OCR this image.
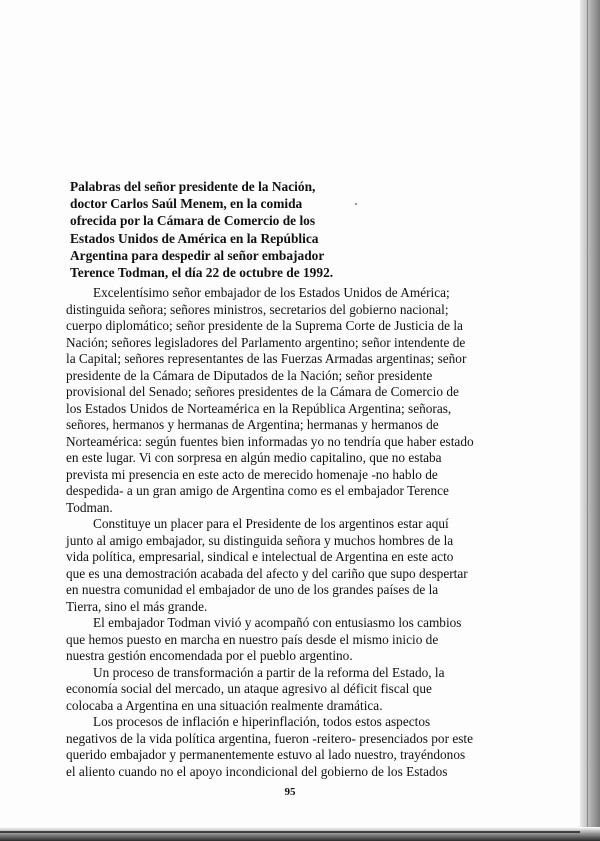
Palabras del señor presidente de la Nación,
doctor Carlos Saúl Menem, en la comida
ofrecida por la Cámara de Comercio de los
Estados Unidos de América en la República
Argentina para despedir al señor embajador
Terence Todman, el día 22 de octubre de 1992.
Excelentísimo señor embajador de los Estados Unidos de América;
distinguida señora; señores ministros, secretarios del gobierno nacional;
cuerpo diplomático; señor presidente de la Suprema Corte de Justicia de la
Nación; señores legisladores del Parlamento argentino; señor intendente de
la Capital; señores representantes de las Fuerzas Armadas argentinas; señor
presidente de la Cámara de Diputados de la Nación; señor presidente
provisional del Senado; señores presidentes de la Cámara de Comercio de
los Estados Unidos de Norteamérica en la República Argentina; señoras,
señores, hermanos y hermanas de Argentina; hermanas y hermanos de
Norteamérica: según fuentes bien informadas yo no tendría que haber estado
en este lugar. Vi con sorpresa en algún medio capitalino, que no estaba
prevista mi presencia en este acto de merecido homenaje -no hablo de
despedida- a un gran amigo de Argentina como es el embajador Terence
Todman.
Constituye un placer para el Presidente de los argentinos estar aquí
junto al amigo embajador, su distinguida señora y muchos hombres de la
vida política, empresarial, sindical e intelectual de Argentina en este acto
que es una demostración acabada del afecto y del cariño que supo despertar
en nuestra comunidad el embajador de uno de los grandes países de la
Tierra, sino el más grande.
El embajador Todman vivió y acompañó con entusiasmo los cambios
que hemos puesto en marcha en nuestro país desde el mismo inicio de
nuestra gestión encomendada por el pueblo argentino.
Un proceso de transformación a partir de la reforma del Estado, la
economía social del mercado, un ataque agresivo al déficit fiscal que
colocaba a Argentina en una situación realmente dramática.
Los procesos de inflación e hiperinflación, todos estos aspectos
negativos de la vida política argentina, fueron -reitero- presenciados por este
querido embajador y permanentemente estuvo al lado nuestro, trayéndonos
el aliento cuando no el apoyo incondicional del gobierno de los Estados
95
